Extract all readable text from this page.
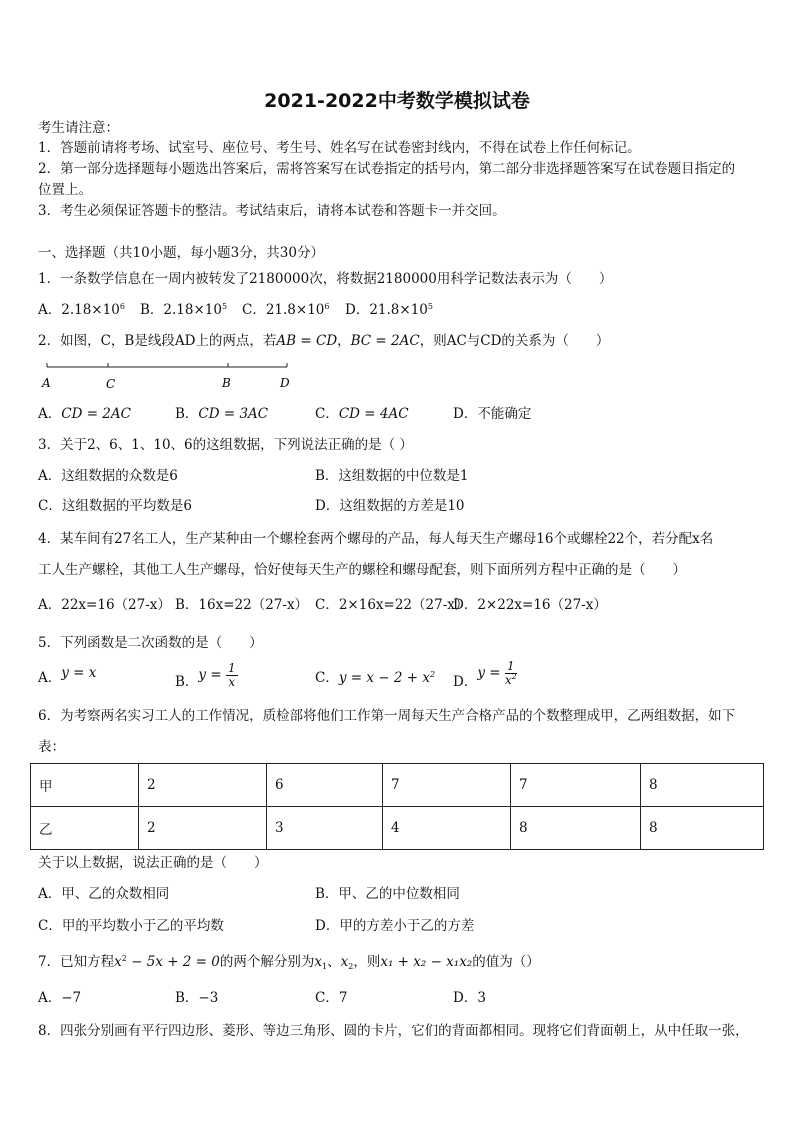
2021-2022中考数学模拟试卷
考生请注意：
1．答题前请将考场、试室号、座位号、考生号、姓名写在试卷密封线内，不得在试卷上作任何标记。
2．第一部分选择题每小题选出答案后，需将答案写在试卷指定的括号内，第二部分非选择题答案写在试卷题目指定的
位置上。
3．考生必须保证答题卡的整洁。考试结束后，请将本试卷和答题卡一并交回。
一、选择题（共10小题，每小题3分，共30分）
1．一条数学信息在一周内被转发了2180000次，将数据2180000用科学记数法表示为（　　）
A．$2.18\times 10^6$ B．$2.18\times 10^5$ C．$21.8\times 10^6$ D．$21.8\times 10^5$
2．如图，C，B是线段AD上的两点，若AB = CD，BC = 2AC，则AC与CD的关系为（　　）
A	C	B	D
A．CD = 2AC	B．CD = 3AC	C．CD = 4AC	D．不能确定
3．关于2、6、1、10、6的这组数据，下列说法正确的是（ ）
A．这组数据的众数是6	B．这组数据的中位数是1
C．这组数据的平均数是6	D．这组数据的方差是10
4．某车间有27名工人，生产某种由一个螺栓套两个螺母的产品，每人每天生产螺母16个或螺栓22个，若分配x名
工人生产螺栓，其他工人生产螺母，恰好使每天生产的螺栓和螺母配套，则下面所列方程中正确的是（　　）
A．22x=16（27-x） B．16x=22（27-x） C．2×16x=22（27-x）
D．2×22x=16（27-x）
5．下列函数是二次函数的是（　　）
A．y = x
B．$y = \frac{1}{x}$	C．$y = x - 2 + x^2$ D．$y = \frac{1}{x^2}$
6．为考察两名实习工人的工作情况，质检部将他们工作第一周每天生产合格产品的个数整理成甲，乙两组数据，如下
表：
甲	2	6	7	7	8
乙	2	3	4	8	8
关于以上数据，说法正确的是（　　）
A．甲、乙的众数相同	B．甲、乙的中位数相同
C．甲的平均数小于乙的平均数	D．甲的方差小于乙的方差
7．已知方程$x^2 - 5x + 2 = 0$的两个解分别为$x_1$、$x_2$，则x₁ + x₂ − x₁x₂的值为（）
A．−7	B．−3	C．7	D．3
8．四张分别画有平行四边形、菱形、等边三角形、圆的卡片，它们的背面都相同。现将它们背面朝上，从中任取一张，
